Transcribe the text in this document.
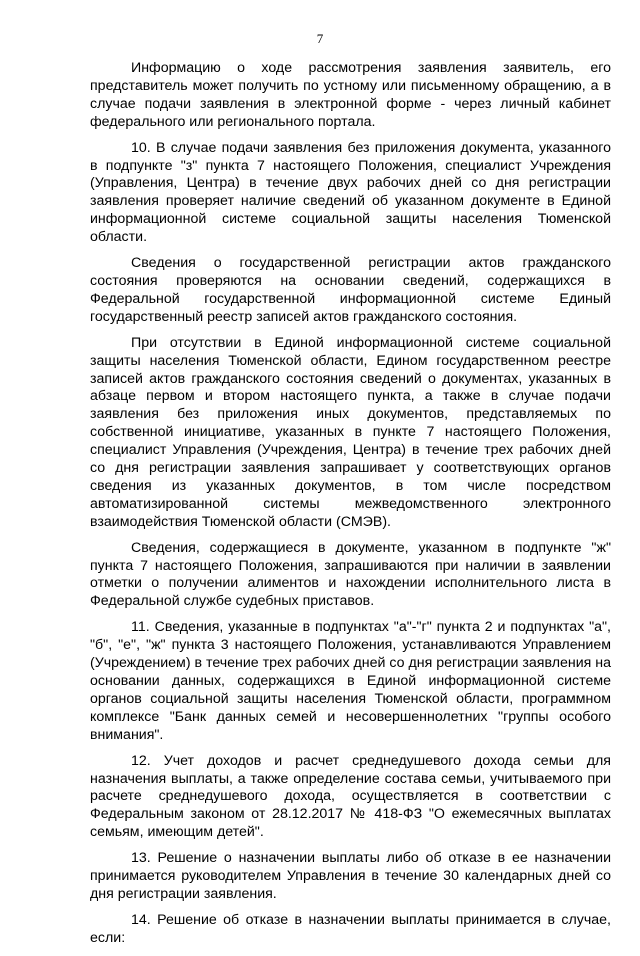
7

Информацию о ходе рассмотрения заявления заявитель, его представитель может получить по устному или письменному обращению, а в случае подачи заявления в электронной форме - через личный кабинет федерального или регионального портала.

10. В случае подачи заявления без приложения документа, указанного в подпункте "з" пункта 7 настоящего Положения, специалист Учреждения (Управления, Центра) в течение двух рабочих дней со дня регистрации заявления проверяет наличие сведений об указанном документе в Единой информационной системе социальной защиты населения Тюменской области.

Сведения о государственной регистрации актов гражданского состояния проверяются на основании сведений, содержащихся в Федеральной государственной информационной системе Единый государственный реестр записей актов гражданского состояния.

При отсутствии в Единой информационной системе социальной защиты населения Тюменской области, Едином государственном реестре записей актов гражданского состояния сведений о документах, указанных в абзаце первом и втором настоящего пункта, а также в случае подачи заявления без приложения иных документов, представляемых по собственной инициативе, указанных в пункте 7 настоящего Положения, специалист Управления (Учреждения, Центра) в течение трех рабочих дней со дня регистрации заявления запрашивает у соответствующих органов сведения из указанных документов, в том числе посредством автоматизированной системы межведомственного электронного взаимодействия Тюменской области (СМЭВ).

Сведения, содержащиеся в документе, указанном в подпункте "ж" пункта 7 настоящего Положения, запрашиваются при наличии в заявлении отметки о получении алиментов и нахождении исполнительного листа в Федеральной службе судебных приставов.

11. Сведения, указанные в подпунктах "а"-"г" пункта 2 и подпунктах "а", "б", "е", "ж" пункта 3 настоящего Положения, устанавливаются Управлением (Учреждением) в течение трех рабочих дней со дня регистрации заявления на основании данных, содержащихся в Единой информационной системе органов социальной защиты населения Тюменской области, программном комплексе "Банк данных семей и несовершеннолетних "группы особого внимания".

12. Учет доходов и расчет среднедушевого дохода семьи для назначения выплаты, а также определение состава семьи, учитываемого при расчете среднедушевого дохода, осуществляется в соответствии с Федеральным законом от 28.12.2017 № 418-ФЗ "О ежемесячных выплатах семьям, имеющим детей".

13. Решение о назначении выплаты либо об отказе в ее назначении принимается руководителем Управления в течение 30 календарных дней со дня регистрации заявления.

14. Решение об отказе в назначении выплаты принимается в случае, если:
